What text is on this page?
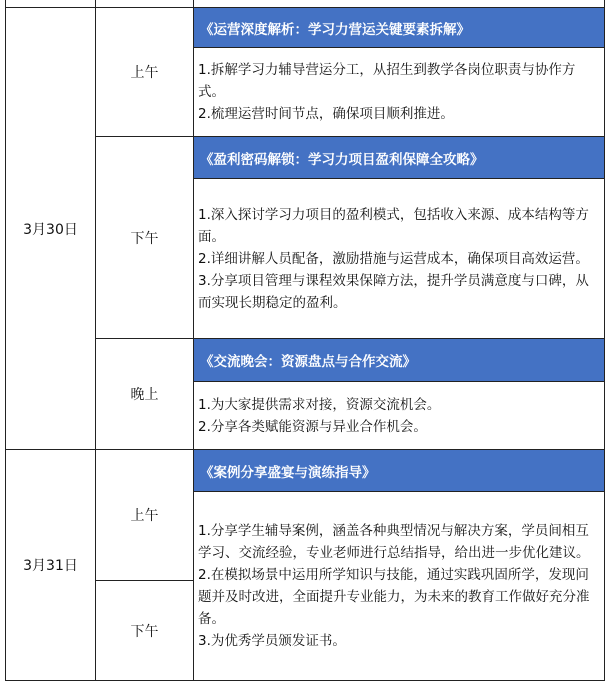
3月30日
上午
《运营深度解析：学习力营运关键要素拆解》
1.拆解学习力辅导营运分工，从招生到教学各岗位职责与协作方式。
2.梳理运营时间节点，确保项目顺利推进。
下午
《盈利密码解锁：学习力项目盈利保障全攻略》
1.深入探讨学习力项目的盈利模式，包括收入来源、成本结构等方面。
2.详细讲解人员配备，激励措施与运营成本，确保项目高效运营。
3.分享项目管理与课程效果保障方法，提升学员满意度与口碑，从而实现长期稳定的盈利。
晚上
《交流晚会：资源盘点与合作交流》
1.为大家提供需求对接，资源交流机会。
2.分享各类赋能资源与异业合作机会。
3月31日
上午
下午
《案例分享盛宴与演练指导》
1.分享学生辅导案例，涵盖各种典型情况与解决方案，学员间相互学习、交流经验，专业老师进行总结指导，给出进一步优化建议。
2.在模拟场景中运用所学知识与技能，通过实践巩固所学，发现问题并及时改进，全面提升专业能力，为未来的教育工作做好充分准备。
3.为优秀学员颁发证书。
